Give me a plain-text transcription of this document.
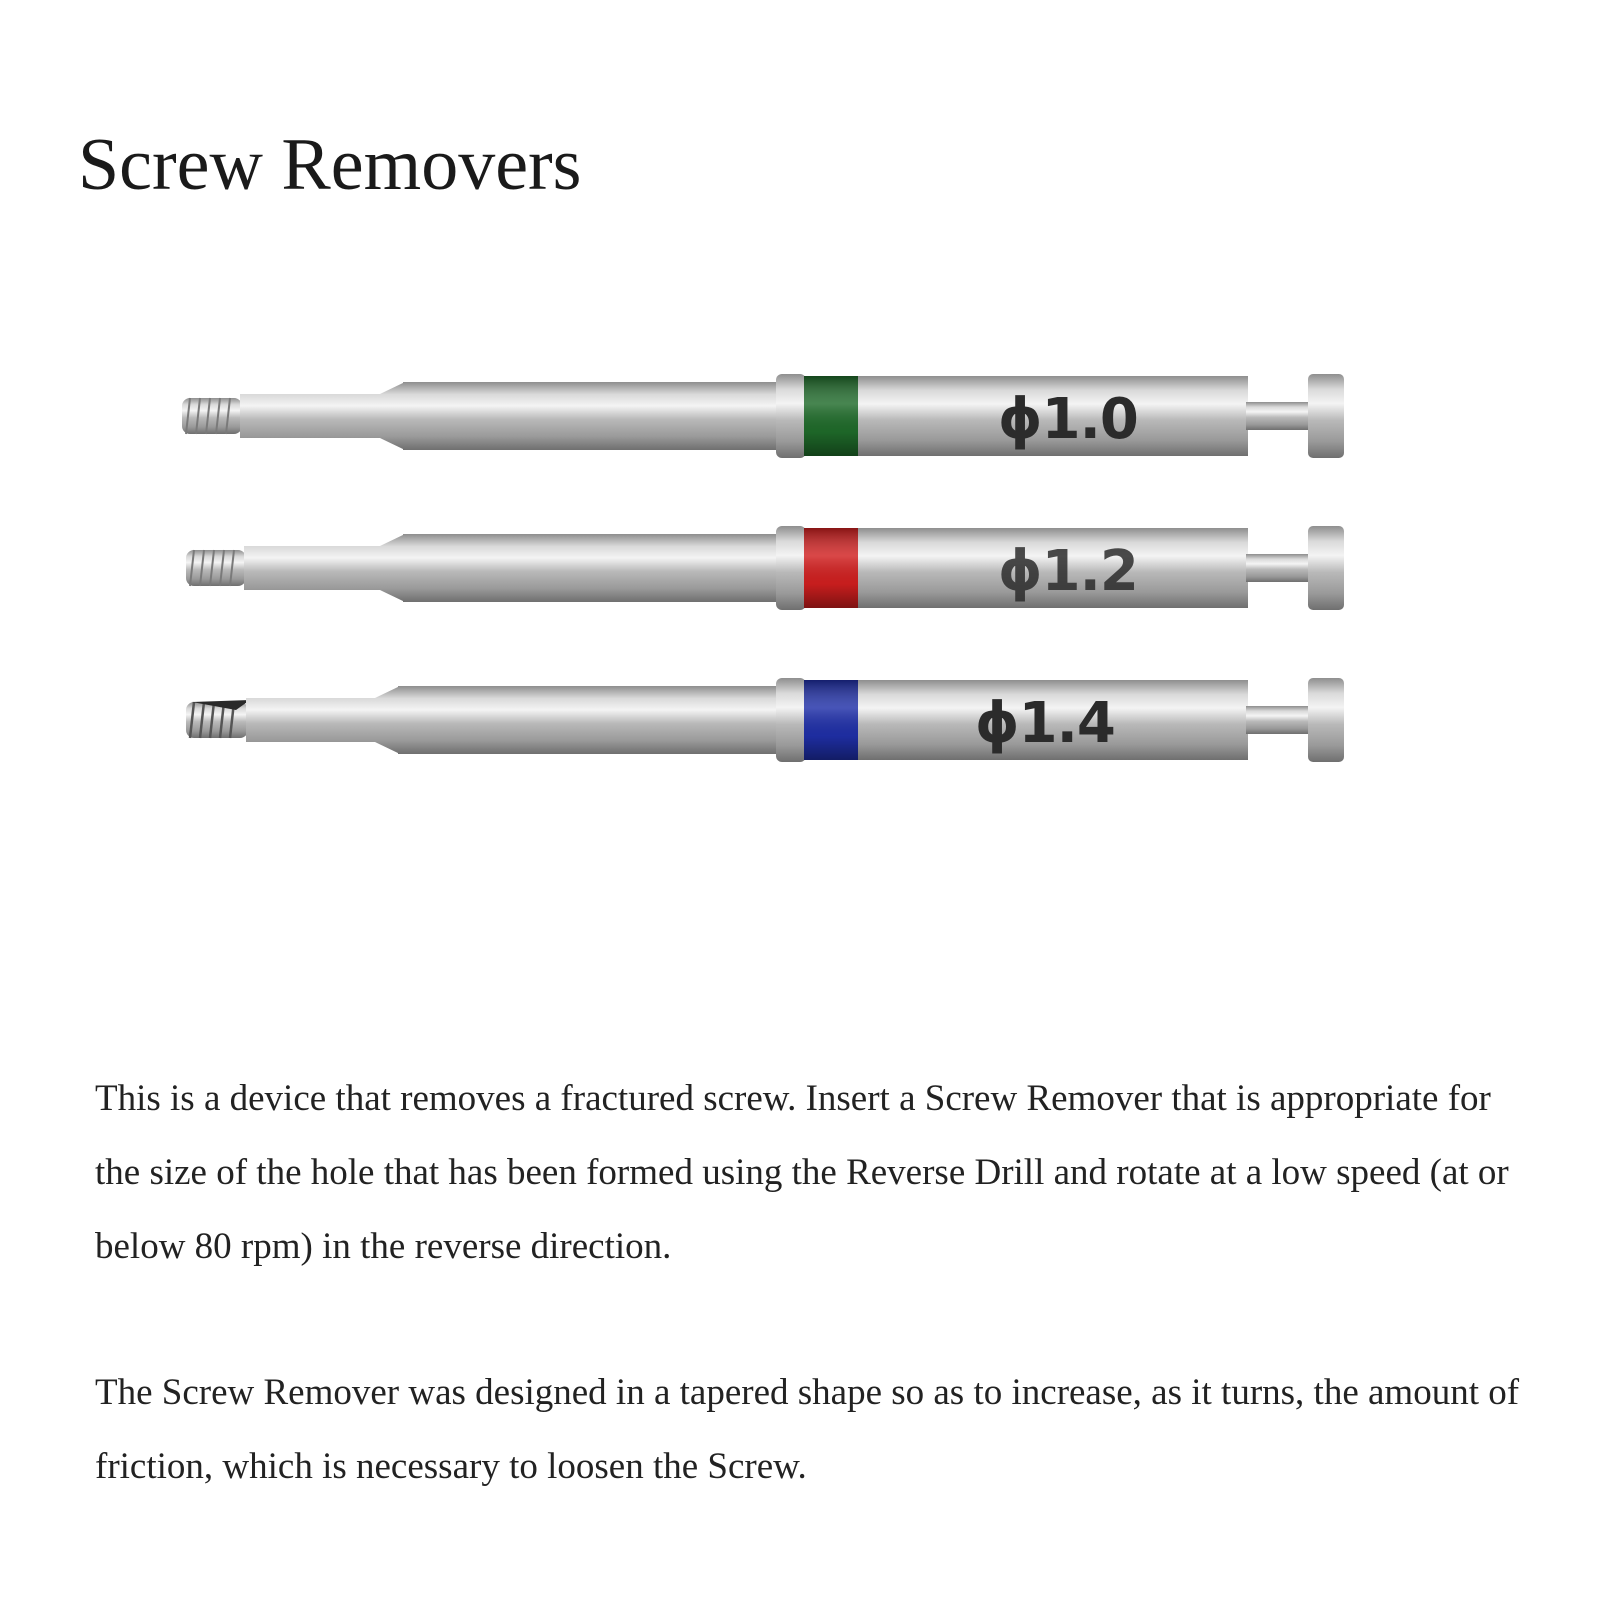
Screw Removers
ϕ1.0
ϕ1.2
ϕ1.4

This is a device that removes a fractured screw. Insert a Screw Remover that is appropriate for the size of the hole that has been formed using the Reverse Drill and rotate at a low speed (at or below 80 rpm) in the reverse direction.

The Screw Remover was designed in a tapered shape so as to increase, as it turns, the amount of friction, which is necessary to loosen the Screw.
